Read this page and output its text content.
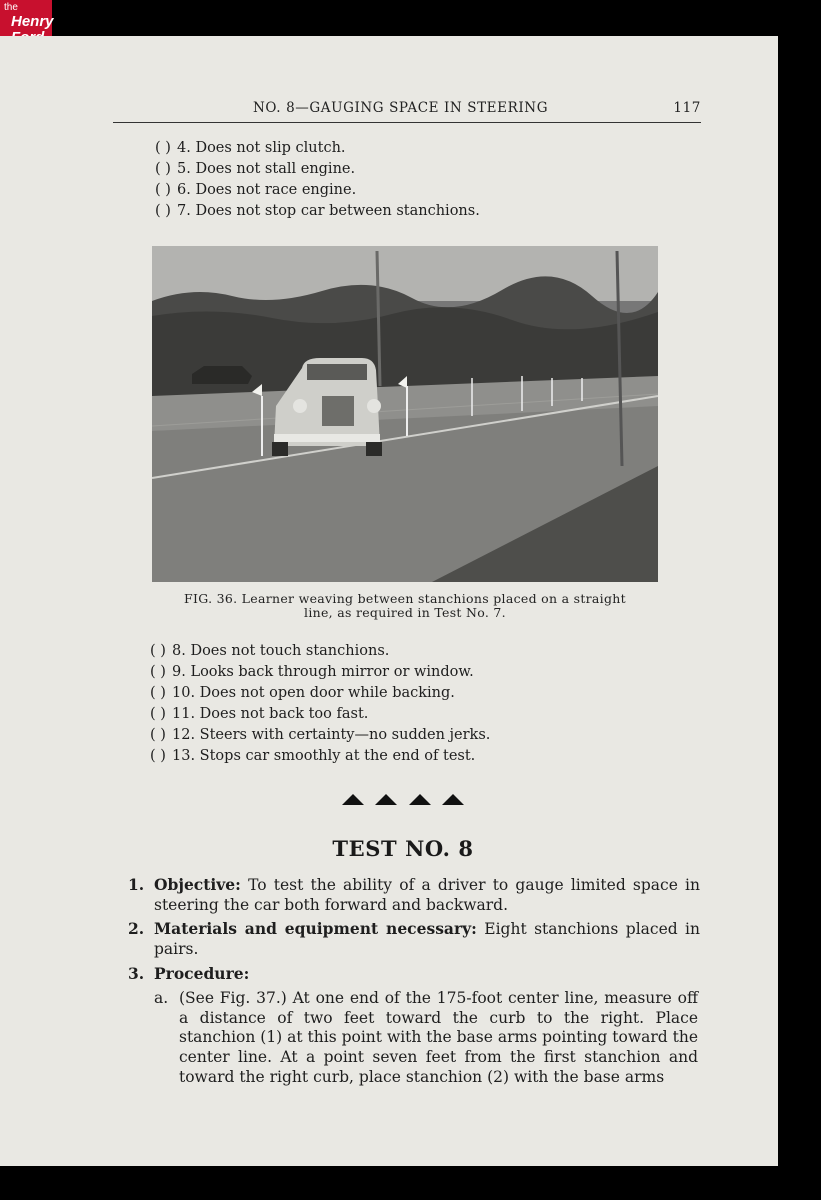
the
Henry
NO. 8—GAUGING SPACE IN STEERING	117
( ) 4. Does not slip clutch.
( ) 5. Does not stall engine.
( ) 6. Does not race engine.
( ) 7. Does not stop car between stanchions.
FIG. 36. Learner weaving between stanchions placed on a straight
line, as required in Test No. 7.
( ) 8. Does not touch stanchions.
( ) 9. Looks back through mirror or window.
( ) 10. Does not open door while backing.
( ) 11. Does not back too fast.
( ) 12. Steers with certainty—no sudden jerks.
( ) 13. Stops car smoothly at the end of test.
TEST NO. 8
1. Objective: To test the ability of a driver to gauge limited space in steering the car both forward and backward.
2. Materials and equipment necessary: Eight stanchions placed in pairs.
3. Procedure:
a. (See Fig. 37.) At one end of the 175-foot center line, measure off a distance of two feet toward the curb to the right. Place stanchion (1) at this point with the base arms pointing toward the center line. At a point seven feet from the first stanchion and toward the right curb, place stanchion (2) with the base arms
